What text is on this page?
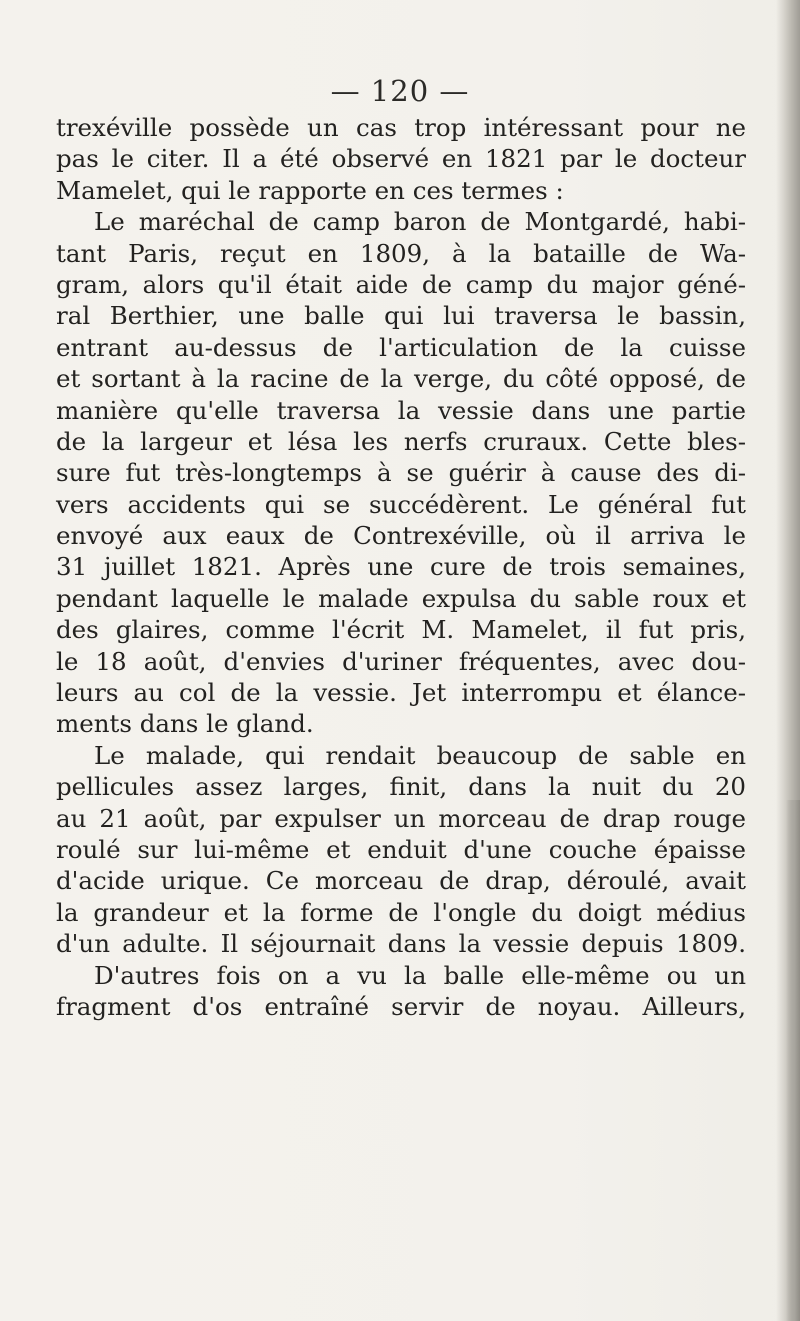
— 120 —
trexéville possède un cas trop intéressant pour ne
pas le citer. Il a été observé en 1821 par le docteur
Mamelet, qui le rapporte en ces termes :
Le maréchal de camp baron de Montgardé, habi-
tant Paris, reçut en 1809, à la bataille de Wa-
gram, alors qu'il était aide de camp du major géné-
ral Berthier, une balle qui lui traversa le bassin,
entrant au-dessus de l'articulation de la cuisse
et sortant à la racine de la verge, du côté opposé, de
manière qu'elle traversa la vessie dans une partie
de la largeur et lésa les nerfs cruraux. Cette bles-
sure fut très-longtemps à se guérir à cause des di-
vers accidents qui se succédèrent. Le général fut
envoyé aux eaux de Contrexéville, où il arriva le
31 juillet 1821. Après une cure de trois semaines,
pendant laquelle le malade expulsa du sable roux et
des glaires, comme l'écrit M. Mamelet, il fut pris,
le 18 août, d'envies d'uriner fréquentes, avec dou-
leurs au col de la vessie. Jet interrompu et élance-
ments dans le gland.
Le malade, qui rendait beaucoup de sable en
pellicules assez larges, finit, dans la nuit du 20
au 21 août, par expulser un morceau de drap rouge
roulé sur lui-même et enduit d'une couche épaisse
d'acide urique. Ce morceau de drap, déroulé, avait
la grandeur et la forme de l'ongle du doigt médius
d'un adulte. Il séjournait dans la vessie depuis 1809.
D'autres fois on a vu la balle elle-même ou un
fragment d'os entraîné servir de noyau. Ailleurs,
